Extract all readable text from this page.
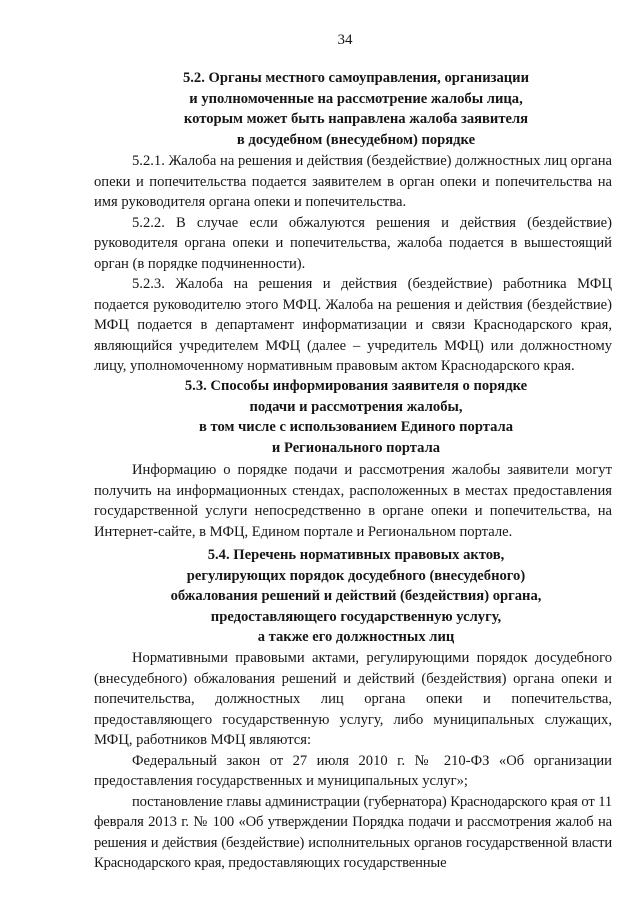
34
5.2. Органы местного самоуправления, организации
и уполномоченные на рассмотрение жалобы лица,
которым может быть направлена жалоба заявителя
в досудебном (внесудебном) порядке

5.2.1. Жалоба на решения и действия (бездействие) должностных лиц органа опеки и попечительства подается заявителем в орган опеки и попечительства на имя руководителя органа опеки и попечительства.

5.2.2. В случае если обжалуются решения и действия (бездействие) руководителя органа опеки и попечительства, жалоба подается в вышестоящий орган (в порядке подчиненности).

5.2.3. Жалоба на решения и действия (бездействие) работника МФЦ подается руководителю этого МФЦ. Жалоба на решения и действия (бездействие) МФЦ подается в департамент информатизации и связи Краснодарского края, являющийся учредителем МФЦ (далее – учредитель МФЦ) или должностному лицу, уполномоченному нормативным правовым актом Краснодарского края.

5.3. Способы информирования заявителя о порядке
подачи и рассмотрения жалобы,
в том числе с использованием Единого портала
и Регионального портала

Информацию о порядке подачи и рассмотрения жалобы заявители могут получить на информационных стендах, расположенных в местах предоставления государственной услуги непосредственно в органе опеки и попечительства, на Интернет-сайте, в МФЦ, Едином портале и Региональном портале.

5.4. Перечень нормативных правовых актов,
регулирующих порядок досудебного (внесудебного)
обжалования решений и действий (бездействия) органа,
предоставляющего государственную услугу,
а также его должностных лиц

Нормативными правовыми актами, регулирующими порядок досудебного (внесудебного) обжалования решений и действий (бездействия) органа опеки и попечительства, должностных лиц органа опеки и попечительства, предоставляющего государственную услугу, либо муниципальных служащих, МФЦ, работников МФЦ являются:

Федеральный закон от 27 июля 2010 г. № 210-ФЗ «Об организации предоставления государственных и муниципальных услуг»;

постановление главы администрации (губернатора) Краснодарского края от 11 февраля 2013 г. № 100 «Об утверждении Порядка подачи и рассмотрения жалоб на решения и действия (бездействие) исполнительных органов государственной власти Краснодарского края, предоставляющих государственные
